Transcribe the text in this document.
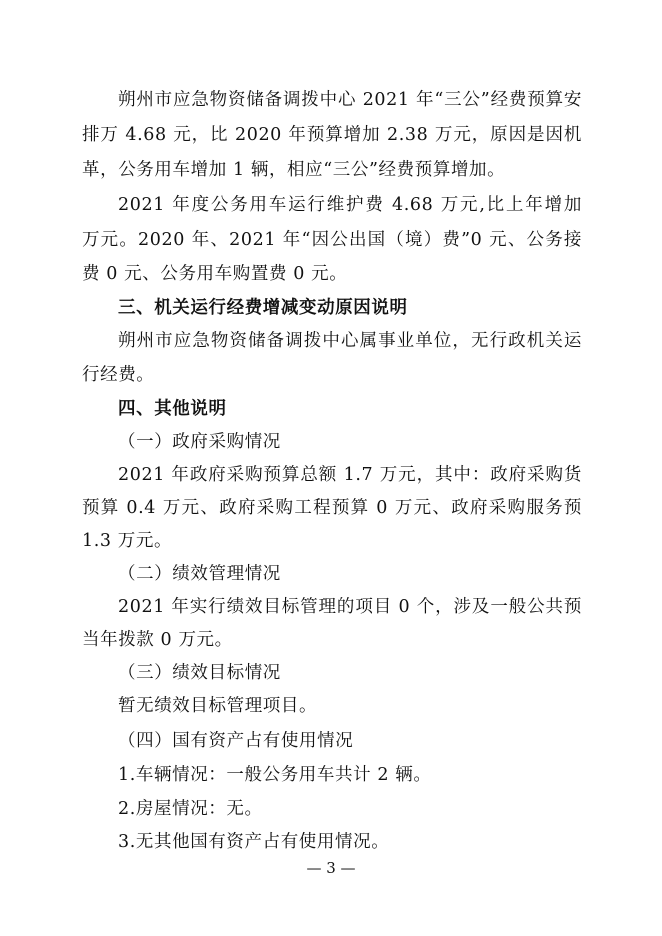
朔州市应急物资储备调拨中心 2021 年“三公”经费预算安
排万 4.68 元，比 2020 年预算增加 2.38 万元，原因是因机
革，公务用车增加 1 辆，相应“三公”经费预算增加。
2021 年度公务用车运行维护费 4.68 万元,比上年增加
万元。2020 年、2021 年“因公出国（境）费”0 元、公务接
费 0 元、公务用车购置费 0 元。
三、机关运行经费增减变动原因说明
朔州市应急物资储备调拨中心属事业单位，无行政机关运
行经费。
四、其他说明
（一）政府采购情况
2021 年政府采购预算总额 1.7 万元，其中：政府采购货
预算 0.4 万元、政府采购工程预算 0 万元、政府采购服务预
1.3 万元。
（二）绩效管理情况
2021 年实行绩效目标管理的项目 0 个，涉及一般公共预
当年拨款 0 万元。
（三）绩效目标情况
暂无绩效目标管理项目。
（四）国有资产占有使用情况
1.车辆情况：一般公务用车共计 2 辆。
2.房屋情况：无。
3.无其他国有资产占有使用情况。
— 3 —
